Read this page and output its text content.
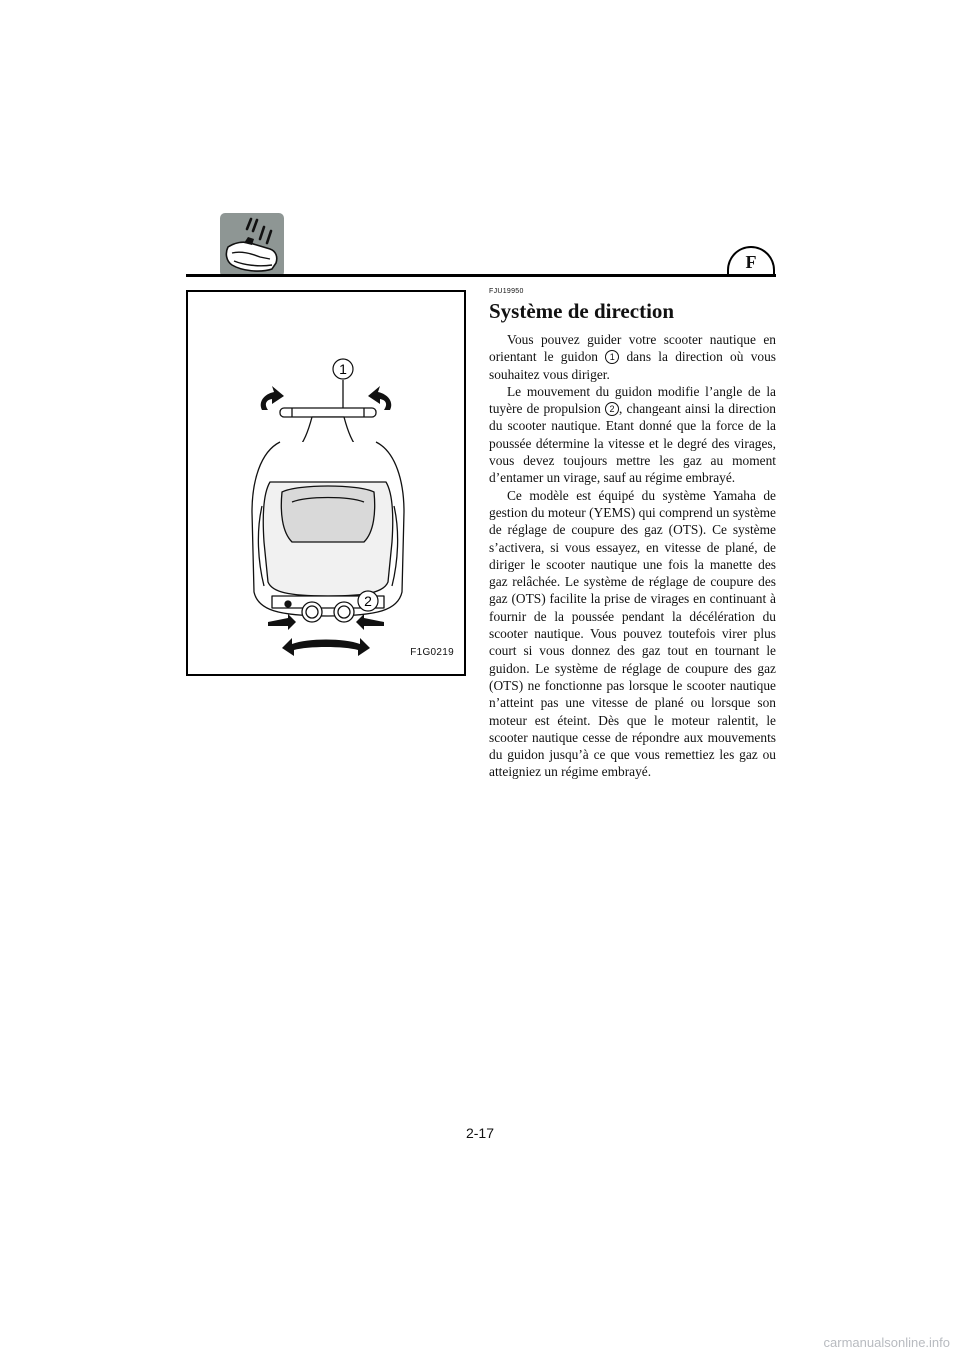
F
1
2
F1G0219

FJU19950

Système de direction

Vous pouvez guider votre scooter nautique en orientant le guidon 1 dans la direction où vous souhaitez vous diriger.

Le mouvement du guidon modifie l’angle de la tuyère de propulsion 2 , changeant ainsi la direction du scooter nautique. Etant donné que la force de la poussée détermine la vitesse et le degré des virages, vous devez toujours mettre les gaz au moment d’entamer un virage, sauf au régime embrayé.

Ce modèle est équipé du système Yamaha de gestion du moteur (YEMS) qui comprend un système de réglage de coupure des gaz (OTS). Ce système s’activera, si vous essayez, en vitesse de plané, de diriger le scooter nautique une fois la manette des gaz relâchée. Le système de réglage de coupure des gaz (OTS) facilite la prise de virages en continuant à fournir de la poussée pendant la décélération du scooter nautique. Vous pouvez toutefois virer plus court si vous donnez des gaz tout en tournant le guidon. Le système de réglage de coupure des gaz (OTS) ne fonctionne pas lorsque le scooter nautique n’atteint pas une vitesse de plané ou lorsque son moteur est éteint. Dès que le moteur ralentit, le scooter nautique cesse de répondre aux mouvements du guidon jusqu’à ce que vous remettiez les gaz ou atteigniez un régime embrayé.

2-17
carmanualsonline.info
